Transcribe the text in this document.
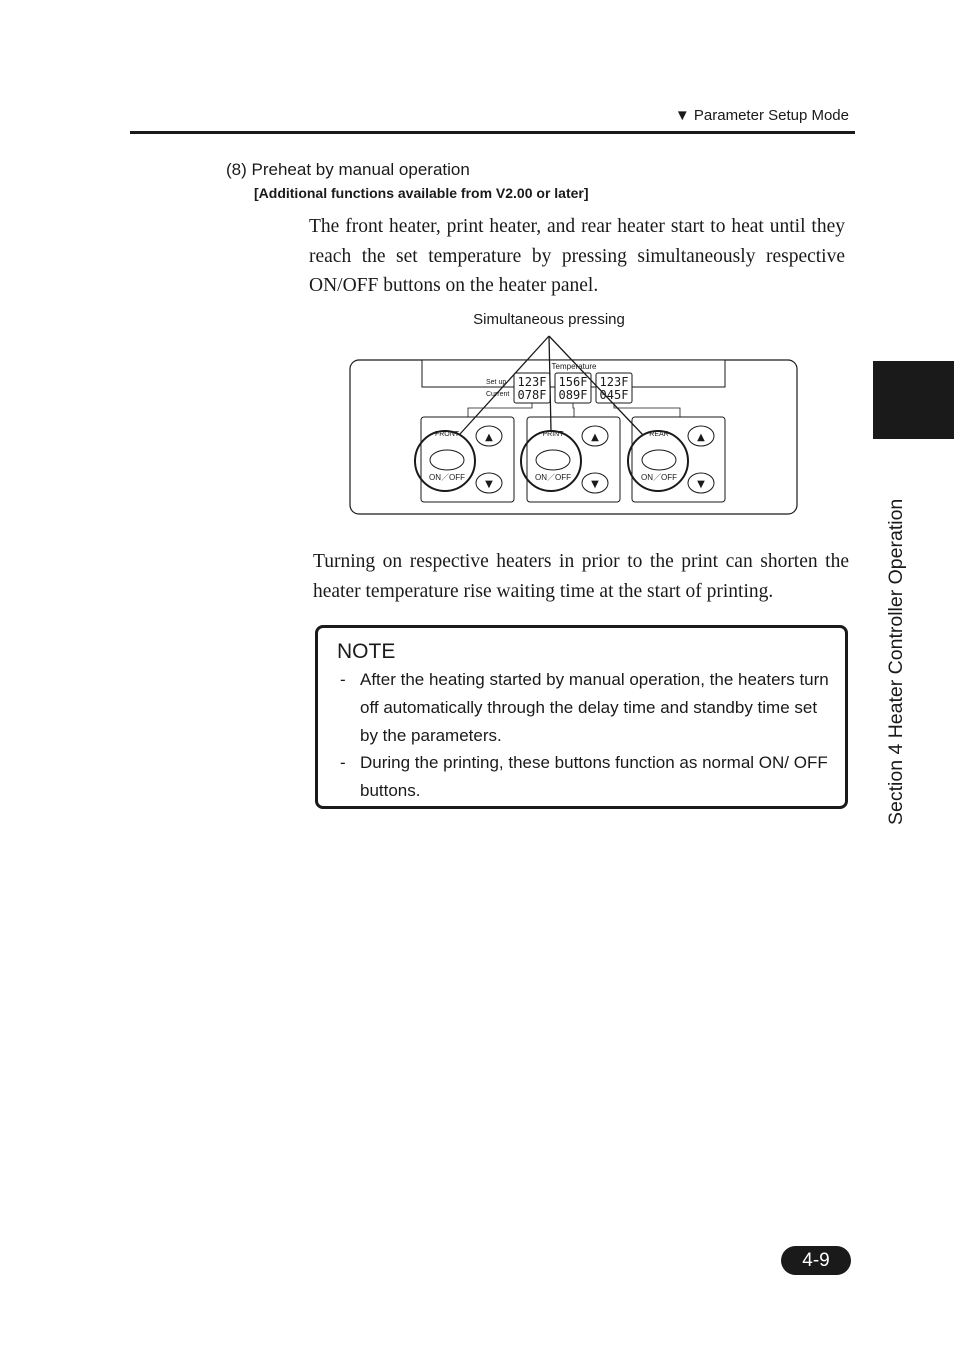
▼ Parameter Setup Mode
(8) Preheat by manual operation
[Additional functions available from V2.00 or later]

The front heater, print heater, and rear heater start to heat until they reach the set temperature by pressing simultaneously respective ON/OFF buttons on the heater panel.

Simultaneous pressing
Temperature
Set up
Current
123F 156F 123F
078F 089F 045F
FRONT	PRINT	REAR
ON／OFF	ON／OFF	ON／OFF
▲
▼
▲
▼
▲
▼

Turning on respective heaters in prior to the print can shorten the heater temperature rise waiting time at the start of printing.

NOTE
- After the heating started by manual operation, the heaters turn off automatically through the delay time and standby time set by the parameters.
- During the printing, these buttons function as normal ON/ OFF buttons.	Section 4 Heater Controller Operation
4-9
